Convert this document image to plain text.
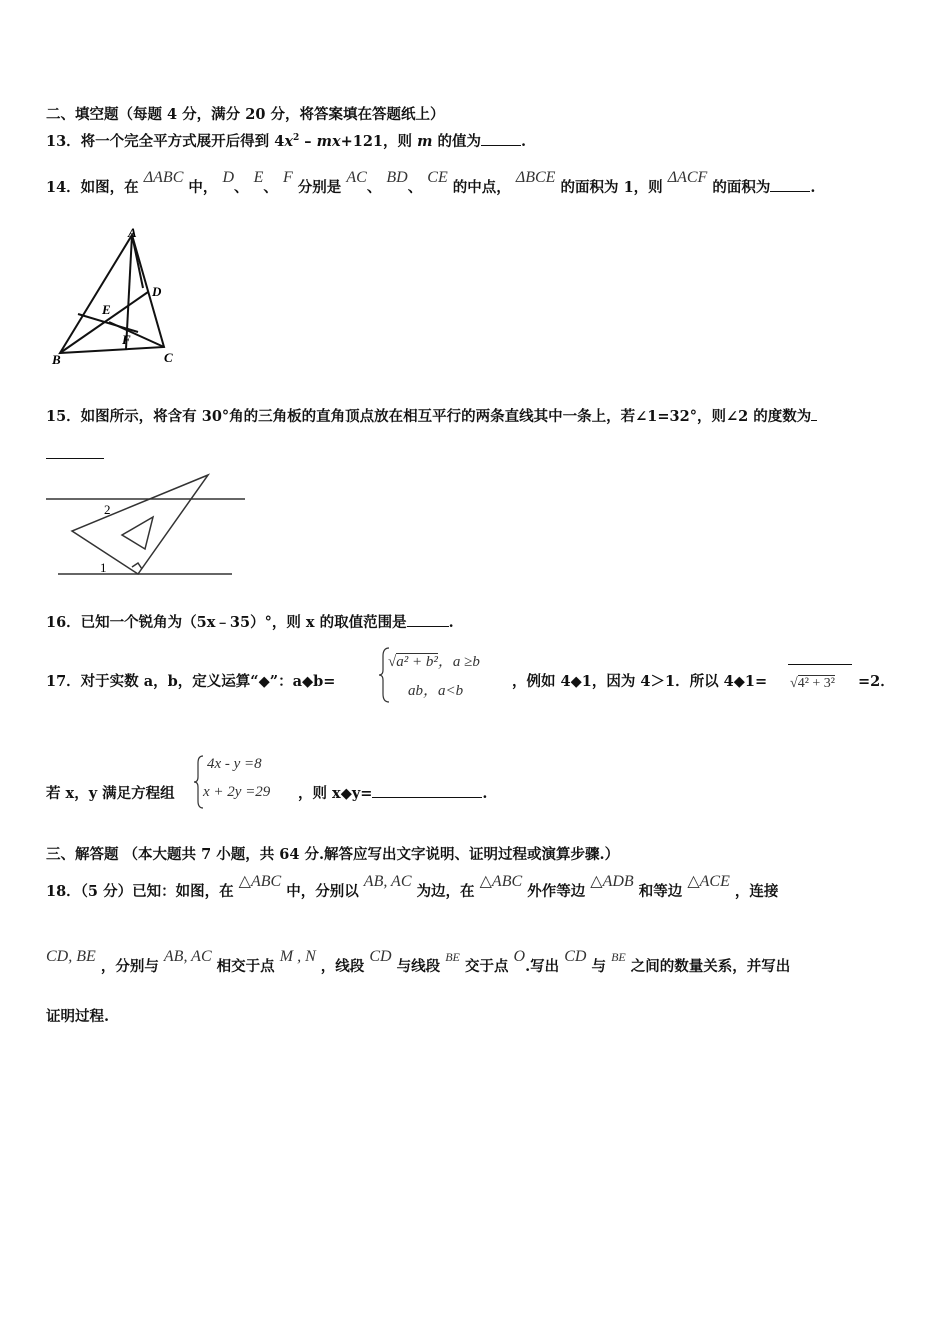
二、填空题（每题 4 分，满分 20 分，将答案填在答题纸上）
13．将一个完全平方式展开后得到 $4x^2 - mx+121$，则 m 的值为	.
14．如图，在 ΔABC 中， D、 E、 F 分别是 AC、 BD、 CE 的中点， ΔBCE 的面积为 1，则 ΔACF 的面积为	.
A
B	C
D
E
F
15．如图所示，将含有 30°角的三角板的直角顶点放在相互平行的两条直线其中一条上，若∠1=32°，则∠2 的度数为
2
1
16．已知一个锐角为（5x﹣35）°，则 x 的取值范围是	.
17．对于实数 a，b，定义运算“◆”：a◆b=
√a² + b²，a ≥b
ab，a<b
，例如 4◆1，因为 4＞1．所以 4◆1= √4² + 3² =2．
若 x，y 满足方程组
4x - y =8
x + 2y =29 ，则 x◆y=	.
三、解答题 （本大题共 7 小题，共 64 分.解答应写出文字说明、证明过程或演算步骤.）
18．（5 分）已知：如图，在 △ABC 中，分别以 AB, AC 为边，在 △ABC 外作等边 △ADB 和等边 △ACE ，连接
CD, BE ，分别与 AB, AC 相交于点 M , N ，线段 CD 与线段 $^{BE}$ 交于点 O.写出 CD 与 $^{BE}$ 之间的数量关系，并写出
证明过程.
